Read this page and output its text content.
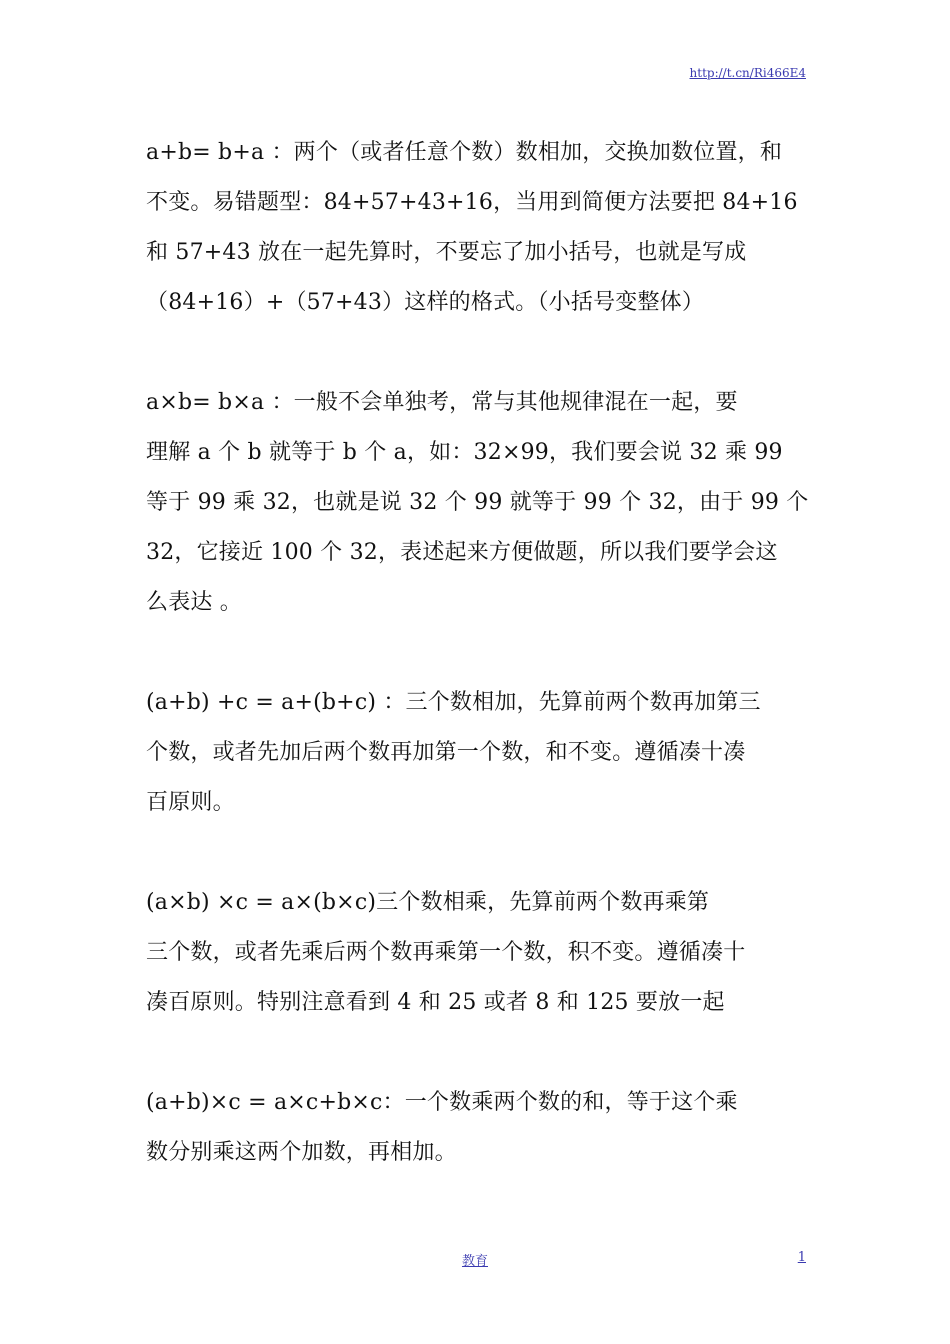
http://t.cn/Ri466E4

a+b= b+a ：两个（或者任意个数）数相加，交换加数位置，和
不变。易错题型：84+57+43+16，当用到简便方法要把 84+16
和 57+43 放在一起先算时，不要忘了加小括号，也就是写成
（84+16）+（57+43）这样的格式。（小括号变整体）

a×b= b×a ：一般不会单独考，常与其他规律混在一起，要
理解 a 个 b 就等于 b 个 a，如：32×99，我们要会说 32 乘 99
等于 99 乘 32，也就是说 32 个 99 就等于 99 个 32，由于 99 个
32，它接近 100 个 32，表述起来方便做题，所以我们要学会这
么表达 。

(a+b) +c = a+(b+c) ：三个数相加，先算前两个数再加第三
个数，或者先加后两个数再加第一个数，和不变。遵循凑十凑
百原则。

(a×b) ×c = a×(b×c)三个数相乘，先算前两个数再乘第
三个数，或者先乘后两个数再乘第一个数，积不变。遵循凑十
凑百原则。特别注意看到 4 和 25 或者 8 和 125 要放一起

(a+b)×c = a×c+b×c：一个数乘两个数的和，等于这个乘
数分别乘这两个加数，再相加。

教育	1
